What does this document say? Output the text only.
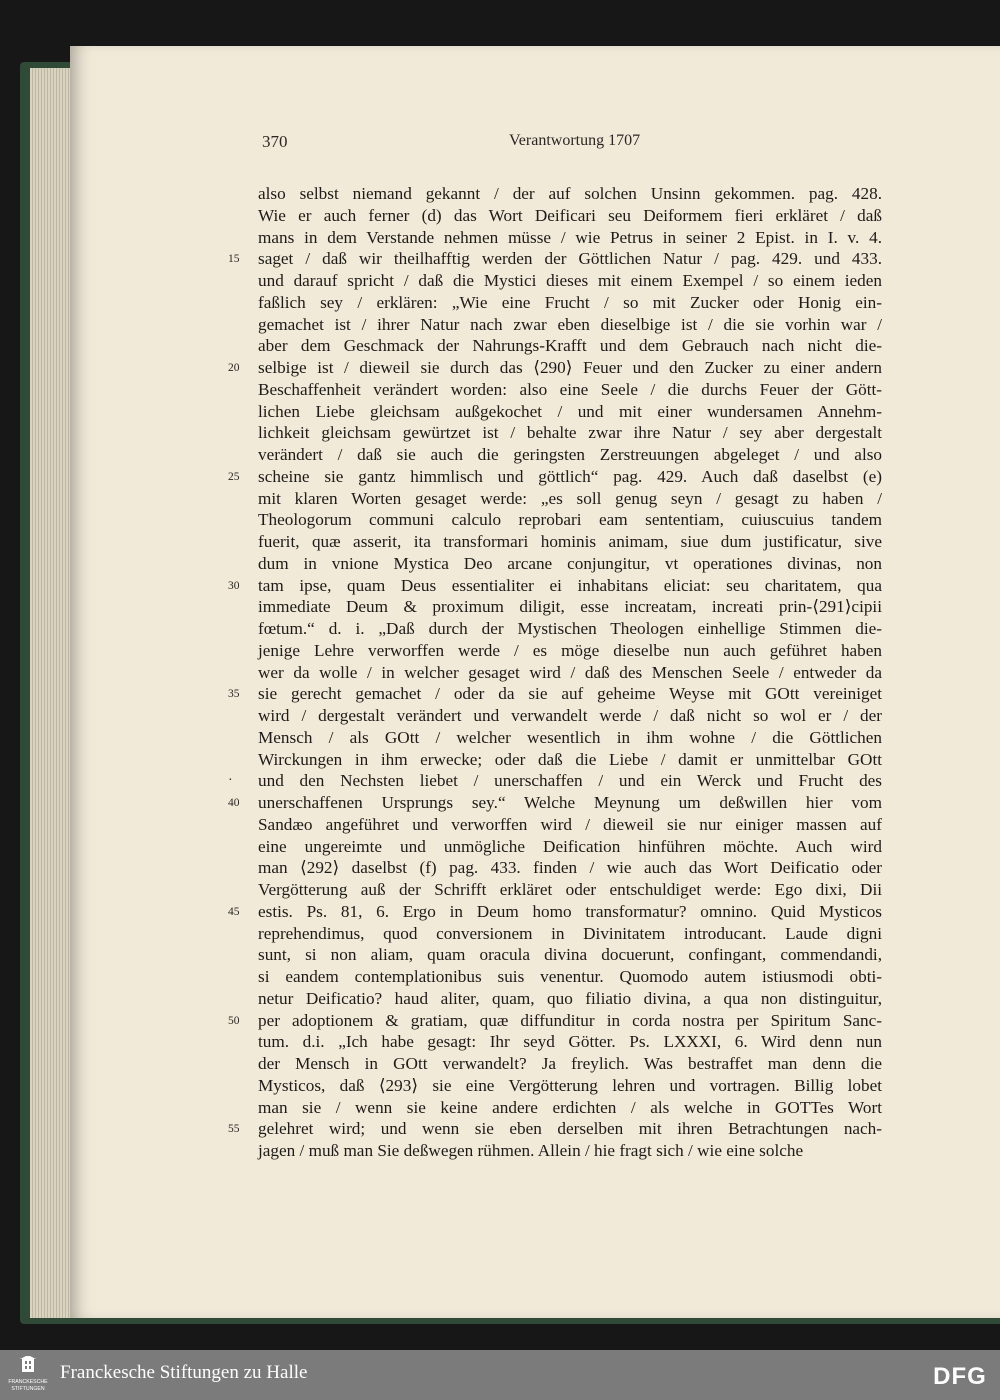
370	Verantwortung 1707
also selbst niemand gekannt / der auf solchen Unsinn gekommen. pag. 428.
Wie er auch ferner (d) das Wort Deificari seu Deiformem fieri erkläret / daß
mans in dem Verstande nehmen müsse / wie Petrus in seiner 2 Epist. in I. v. 4.
saget / daß wir theilhafftig werden der Göttlichen Natur / pag. 429. und 433.
15
und darauf spricht / daß die Mystici dieses mit einem Exempel / so einem ieden
faßlich sey / erklären: „Wie eine Frucht / so mit Zucker oder Honig ein-
gemachet ist / ihrer Natur nach zwar eben dieselbige ist / die sie vorhin war /
aber dem Geschmack der Nahrungs-Krafft und dem Gebrauch nach nicht die-
selbige ist / dieweil sie durch das ⟨290⟩ Feuer und den Zucker zu einer andern
20
Beschaffenheit verändert worden: also eine Seele / die durchs Feuer der Gött-
lichen Liebe gleichsam außgekochet / und mit einer wundersamen Annehm-
lichkeit gleichsam gewürtzet ist / behalte zwar ihre Natur / sey aber dergestalt
verändert / daß sie auch die geringsten Zerstreuungen abgeleget / und also
scheine sie gantz himmlisch und göttlich“ pag. 429. Auch daß daselbst (e)
25
mit klaren Worten gesaget werde: „es soll genug seyn / gesagt zu haben /
Theologorum communi calculo reprobari eam sententiam, cuiuscuius tandem
fuerit, quæ asserit, ita transformari hominis animam, siue dum justificatur, sive
dum in vnione Mystica Deo arcane conjungitur, vt operationes divinas, non
tam ipse, quam Deus essentialiter ei inhabitans eliciat: seu charitatem, qua
30
immediate Deum & proximum diligit, esse increatam, increati prin-⟨291⟩cipii
fœtum.“ d. i. „Daß durch der Mystischen Theologen einhellige Stimmen die-
jenige Lehre verworffen werde / es möge dieselbe nun auch geführet haben
wer da wolle / in welcher gesaget wird / daß des Menschen Seele / entweder da
sie gerecht gemachet / oder da sie auf geheime Weyse mit GOtt vereiniget
35
wird / dergestalt verändert und verwandelt werde / daß nicht so wol er / der
Mensch / als GOtt / welcher wesentlich in ihm wohne / die Göttlichen
Wirckungen in ihm erwecke; oder daß die Liebe / damit er unmittelbar GOtt
und den Nechsten liebet / unerschaffen / und ein Werck und Frucht des
·
unerschaffenen Ursprungs sey.“ Welche Meynung um deßwillen hier vom
40
Sandæo angeführet und verworffen wird / dieweil sie nur einiger massen auf
eine ungereimte und unmögliche Deification hinführen möchte. Auch wird
man ⟨292⟩ daselbst (f) pag. 433. finden / wie auch das Wort Deificatio oder
Vergötterung auß der Schrifft erkläret oder entschuldiget werde: Ego dixi, Dii
estis. Ps. 81, 6. Ergo in Deum homo transformatur? omnino. Quid Mysticos
45
reprehendimus, quod conversionem in Divinitatem introducant. Laude digni
sunt, si non aliam, quam oracula divina docuerunt, confingant, commendandi,
si eandem contemplationibus suis venentur. Quomodo autem istiusmodi obti-
netur Deificatio? haud aliter, quam, quo filiatio divina, a qua non distinguitur,
per adoptionem & gratiam, quæ diffunditur in corda nostra per Spiritum Sanc-
50
tum. d.i. „Ich habe gesagt: Ihr seyd Götter. Ps. LXXXI, 6. Wird denn nun
der Mensch in GOtt verwandelt? Ja freylich. Was bestraffet man denn die
Mysticos, daß ⟨293⟩ sie eine Vergötterung lehren und vortragen. Billig lobet
man sie / wenn sie keine andere erdichten / als welche in GOTTes Wort
gelehret wird; und wenn sie eben derselben mit ihren Betrachtungen nach-
55
jagen / muß man Sie deßwegen rühmen. Allein / hie fragt sich / wie eine solche
FRANCKESCHE
STIFTUNGEN
Franckesche Stiftungen zu Halle	DFG
